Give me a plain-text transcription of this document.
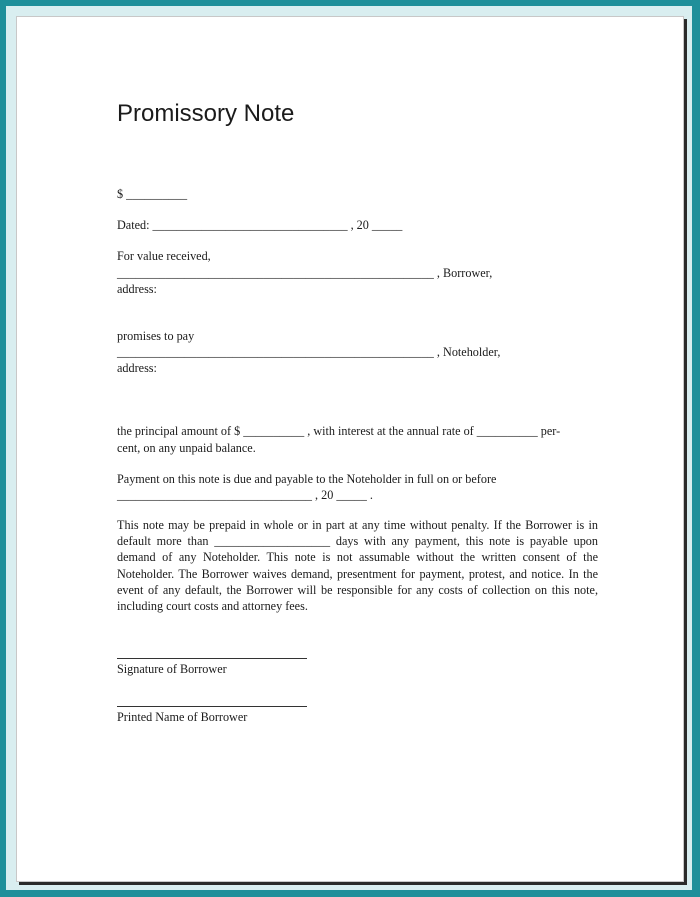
Promissory Note
$ __________
Dated: ________________________________ , 20 _____
For value received,
____________________________________________________ , Borrower,
address:
promises to pay
____________________________________________________ , Noteholder,
address:
the principal amount of $ __________ , with interest at the annual rate of __________ per-
cent, on any unpaid balance.
Payment on this note is due and payable to the Noteholder in full on or before
________________________________ , 20 _____ .
This note may be prepaid in whole or in part at any time without penalty. If the Borrower is in default more than ___________________ days with any payment, this note is payable upon demand of any Noteholder. This note is not assumable without the written consent of the Noteholder. The Borrower waives demand, presentment for payment, protest, and notice. In the event of any default, the Borrower will be responsible for any costs of collection on this note, including court costs and attorney fees.
Signature of Borrower
Printed Name of Borrower
